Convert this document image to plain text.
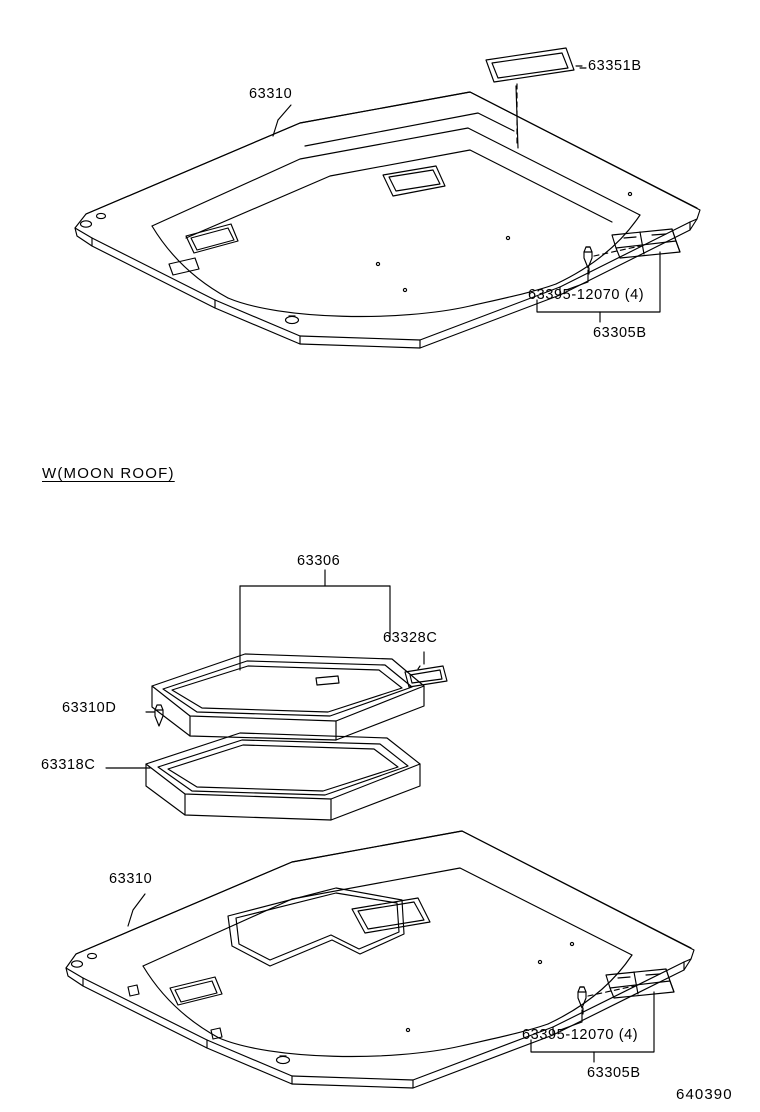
63310
63351B
63395-12070 (4)
63305B
W(MOON ROOF)
63306
63328C
63310D
63318C
63310
63395-12070 (4)
63305B
640390
